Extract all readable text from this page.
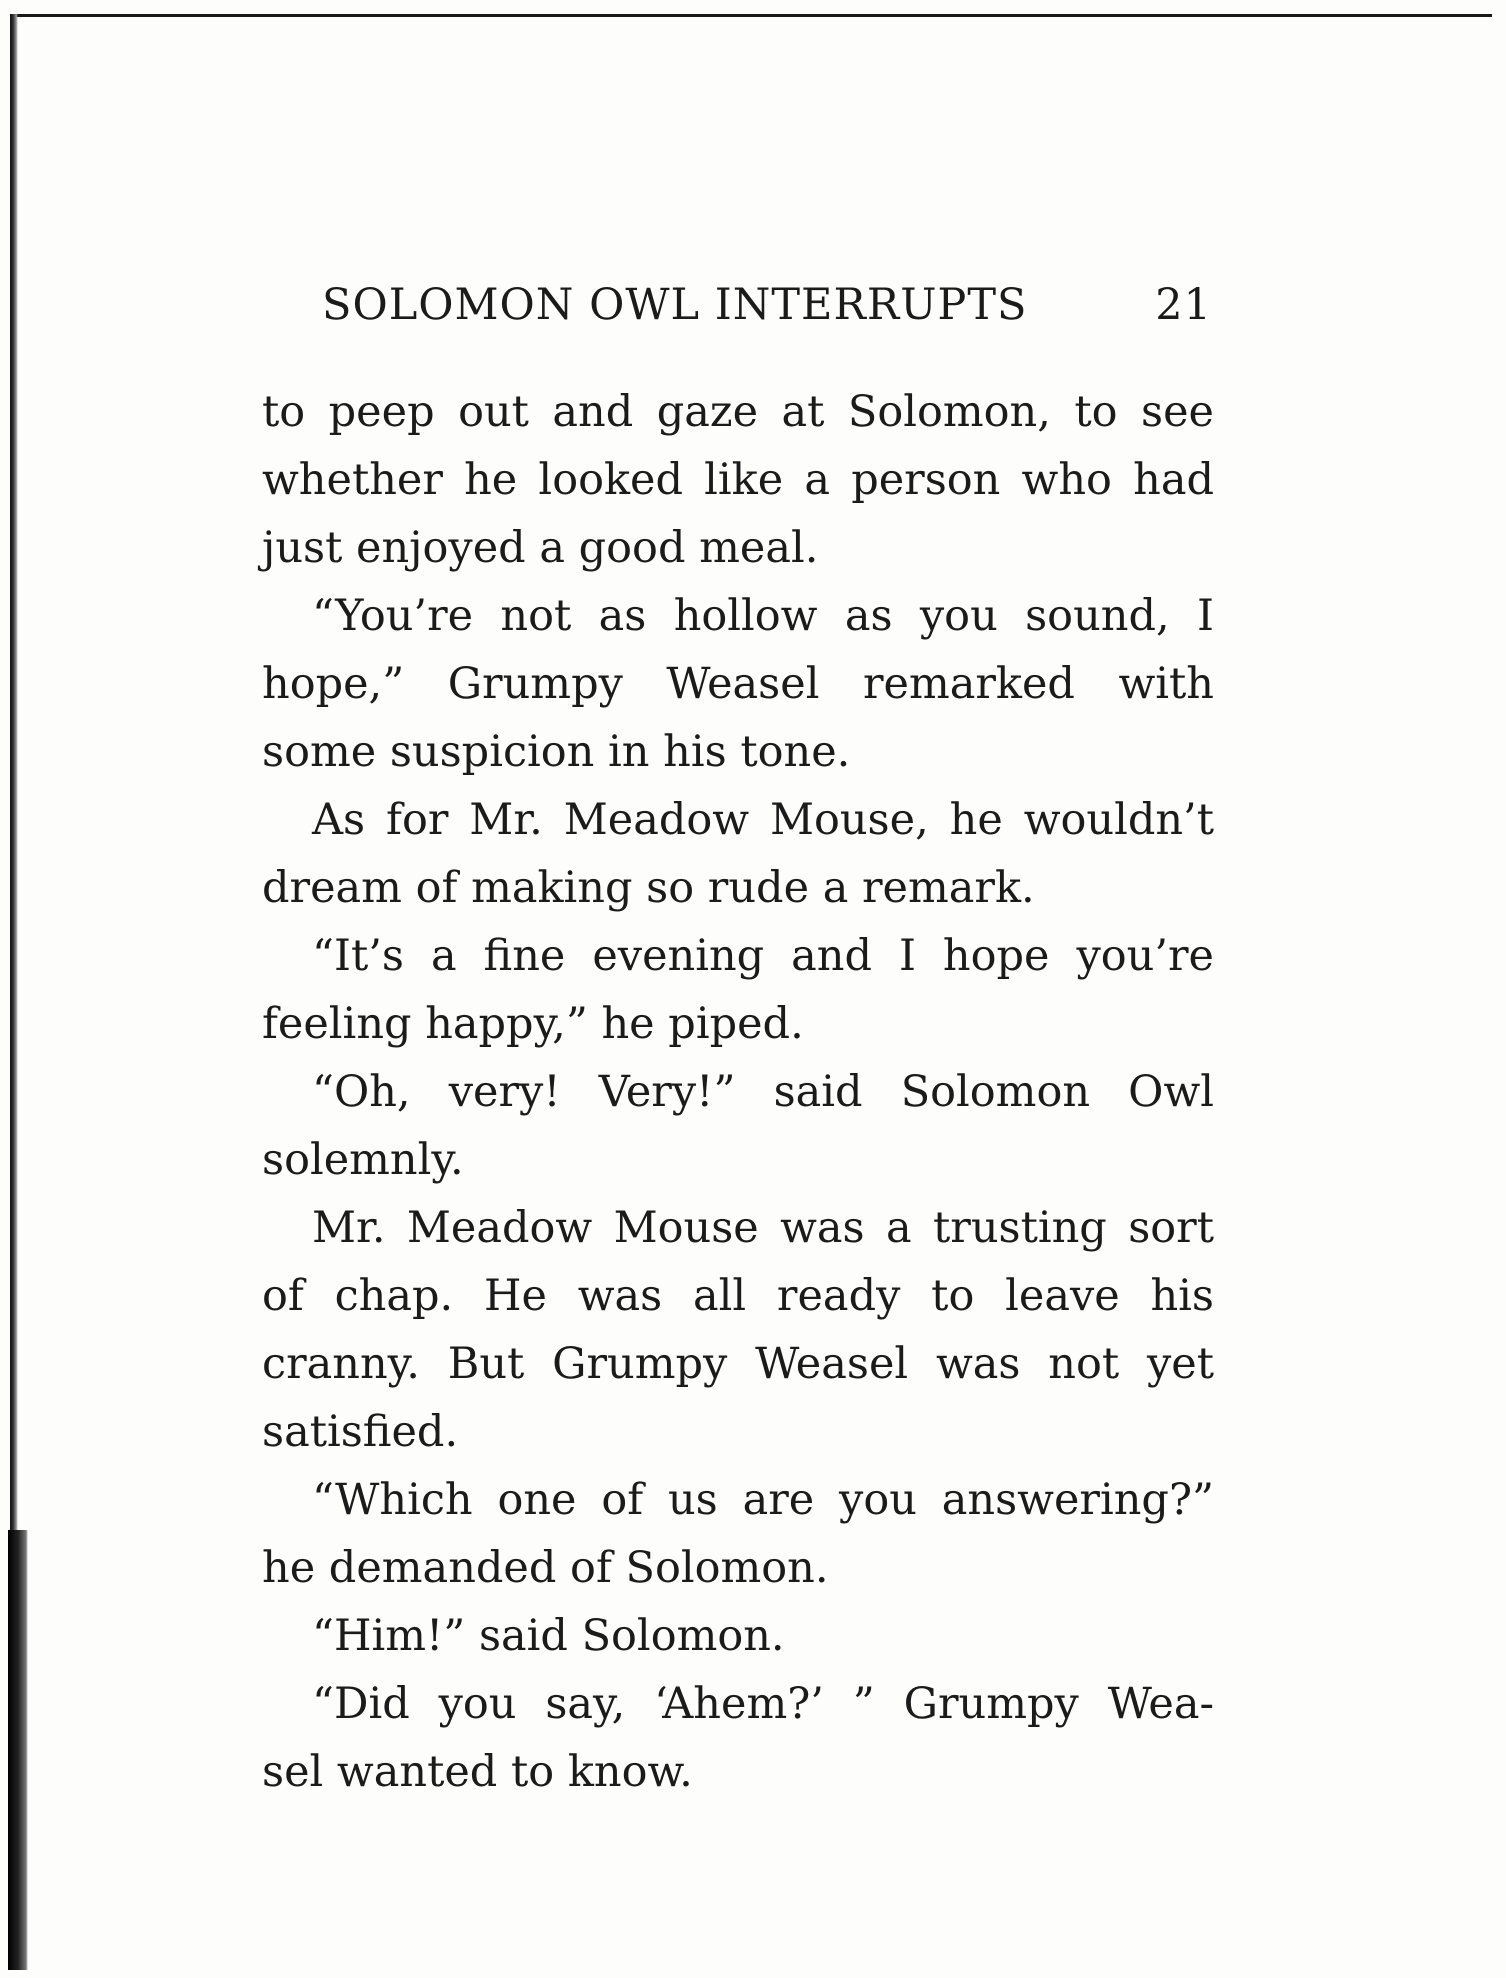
SOLOMON OWL INTERRUPTS	21
to peep out and gaze at Solomon, to see
whether he looked like a person who had
just enjoyed a good meal.
“You’re not as hollow as you sound, I
hope,” Grumpy Weasel remarked with
some suspicion in his tone.
As for Mr. Meadow Mouse, he wouldn’t
dream of making so rude a remark.
“It’s a fine evening and I hope you’re
feeling happy,” he piped.
“Oh, very! Very!” said Solomon Owl
solemnly.
Mr. Meadow Mouse was a trusting sort
of chap. He was all ready to leave his
cranny. But Grumpy Weasel was not yet
satisfied.
“Which one of us are you answering?”
he demanded of Solomon.
“Him!” said Solomon.
“Did you say, ‘Ahem?’ ” Grumpy Wea-
sel wanted to know.
